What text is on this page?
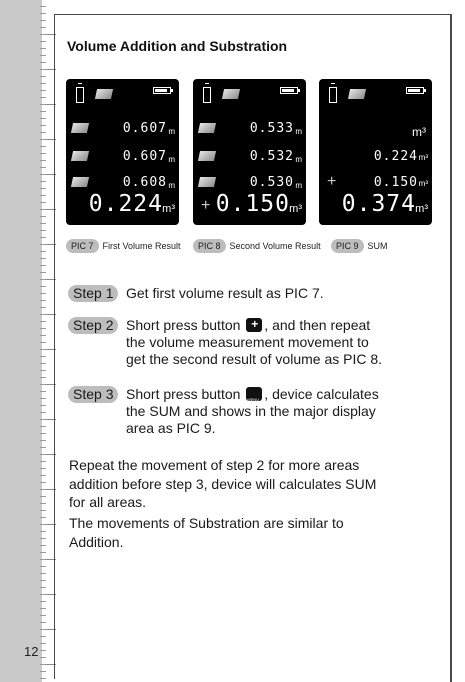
12
Volume Addition and Substration
0.607 m
0.607 m
0.608 m
0.224 m³
0.533 m
0.532 m
0.530 m
+ 0.150 m³
m³
0.224 m³
+	0.150 m³
0.374 m³
PIC 7	First Volume Result	PIC 8	Second Volume Result	PIC 9	SUM
Step 1 Get first volume result as PIC 7.
Step 2 Short press button + , and then repeat
the volume measurement movement to
get the second result of volume as PIC 8.
Step 3 Short press button MENU , device calculates
the SUM and shows in the major display
area as PIC 9.
Repeat the movement of step 2 for more areas
addition before step 3, device will calculates SUM
for all areas.
The movements of Substration are similar to
Addition.
